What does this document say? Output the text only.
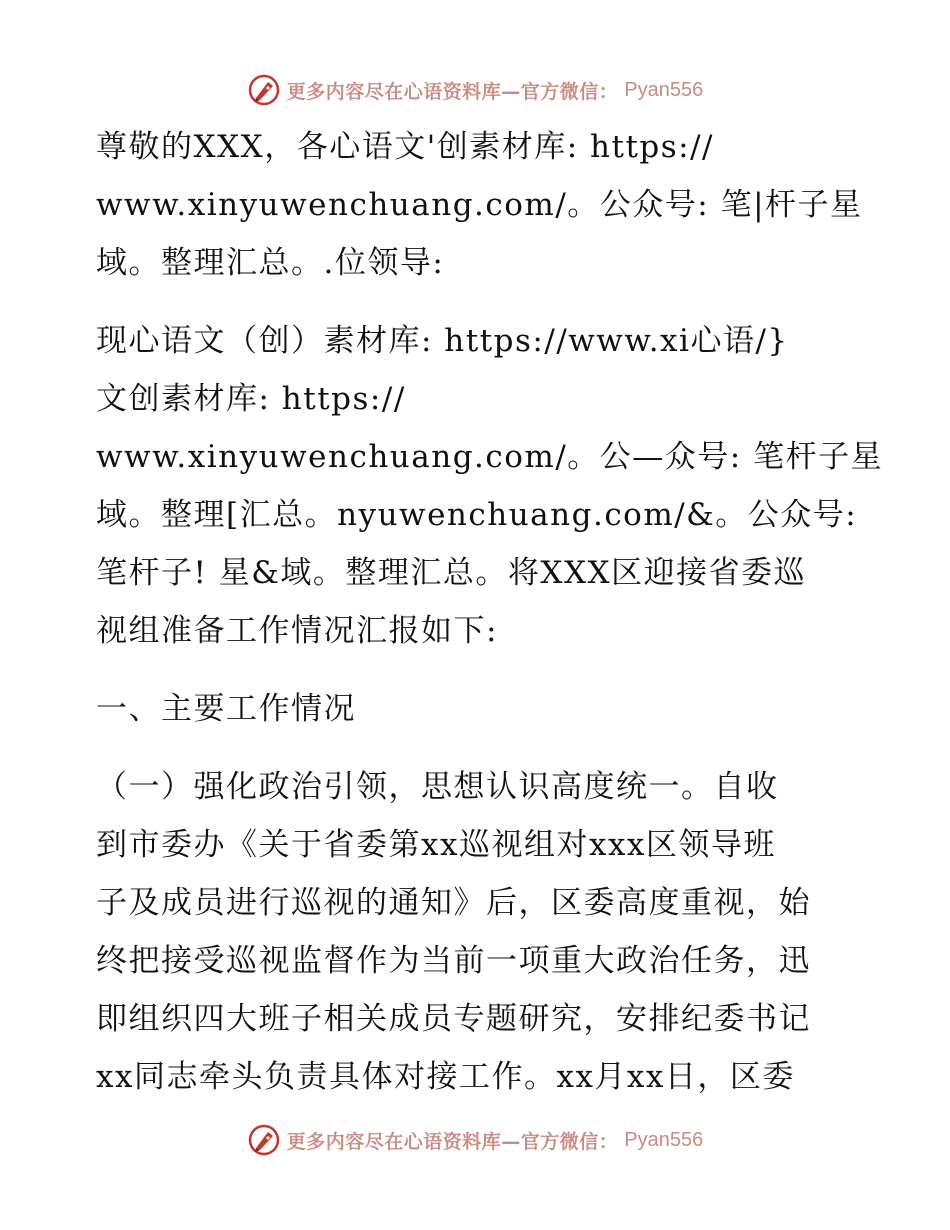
更多内容尽在心语资料库—官方微信： Pyan556
尊敬的XXX，各心语文'创素材库: https://
www.xinyuwenchuang.com/。公众号: 笔|杆子星
域。整理汇总。.位领导:
现心语文（创）素材库: https://www.xi心语/}
文创素材库: https://
www.xinyuwenchuang.com/。公—众号: 笔杆子星
域。整理[汇总。nyuwenchuang.com/&。公众号:
笔杆子! 星&域。整理汇总。将XXX区迎接省委巡
视组准备工作情况汇报如下:
一、主要工作情况
（一）强化政治引领，思想认识高度统一。自收
到市委办《关于省委第xx巡视组对xxx区领导班
子及成员进行巡视的通知》后，区委高度重视，始
终把接受巡视监督作为当前一项重大政治任务，迅
即组织四大班子相关成员专题研究，安排纪委书记
xx同志牵头负责具体对接工作。xx月xx日，区委
更多内容尽在心语资料库—官方微信： Pyan556
